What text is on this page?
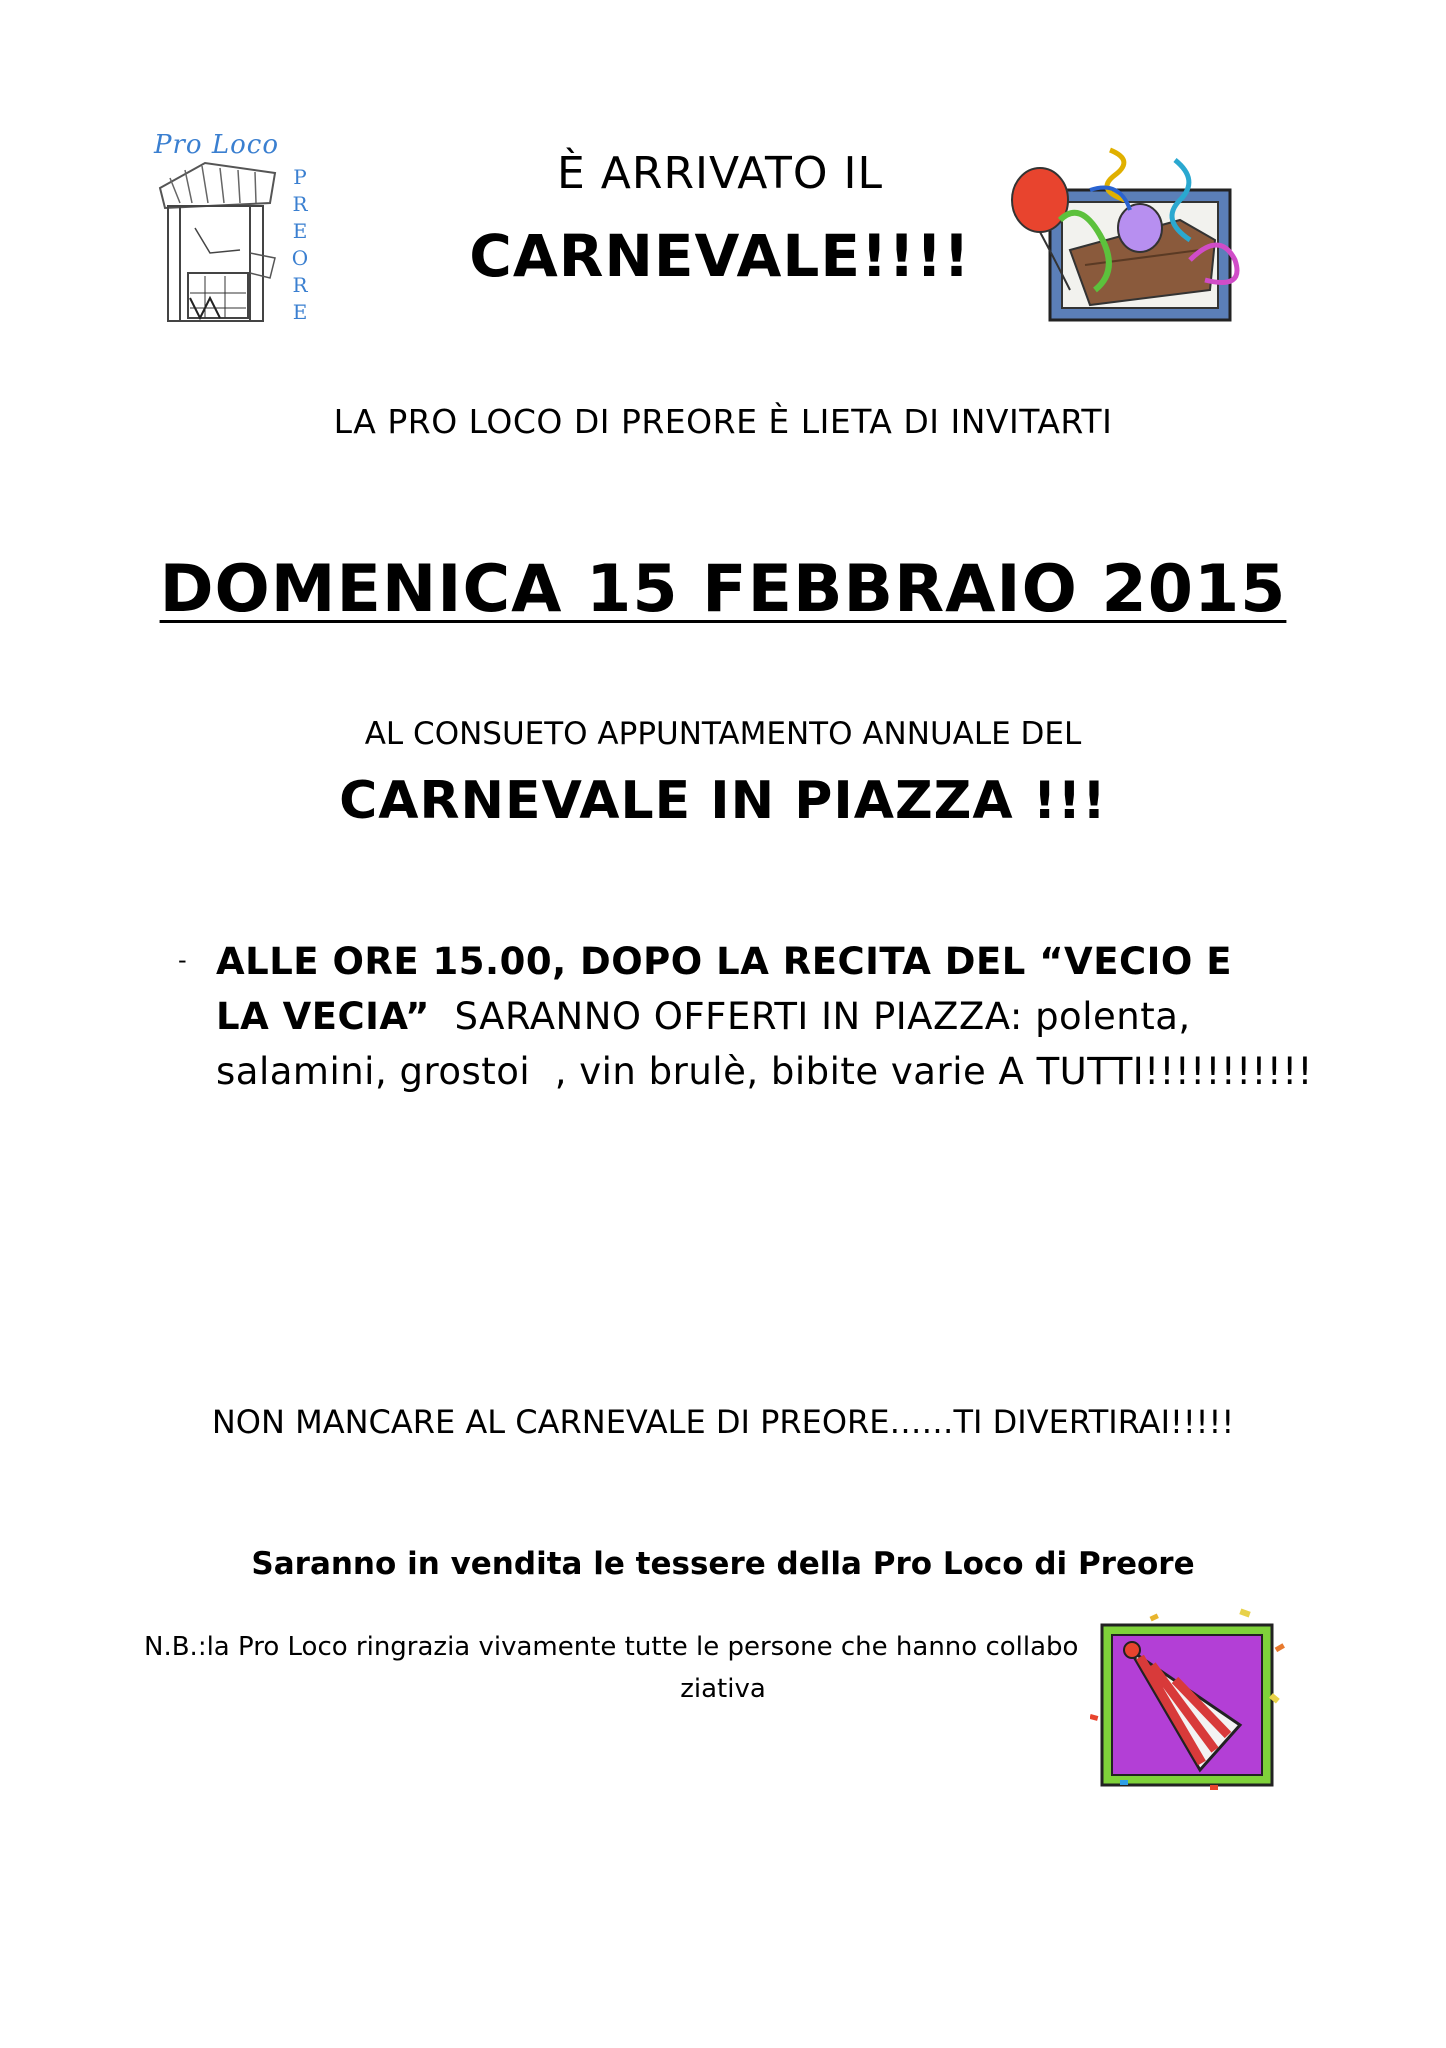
Pro Loco
P
R
E
O
R
E
È ARRIVATO IL
CARNEVALE!!!!
LA PRO LOCO DI PREORE È LIETA DI INVITARTI
DOMENICA 15 FEBBRAIO 2015
AL CONSUETO APPUNTAMENTO ANNUALE DEL
CARNEVALE IN PIAZZA !!!
- ALLE ORE 15.00, DOPO LA RECITA DEL “VECIO E
LA VECIA”  SARANNO OFFERTI IN PIAZZA: polenta,
salamini, grostoi  , vin brulè, bibite varie A TUTTI!!!!!!!!!!!
NON MANCARE AL CARNEVALE DI PREORE……TI DIVERTIRAI!!!!!
Saranno in vendita le tessere della Pro Loco di Preore
N.B.:la Pro Loco ringrazia vivamente tutte le persone che hanno collabo
ziativa
